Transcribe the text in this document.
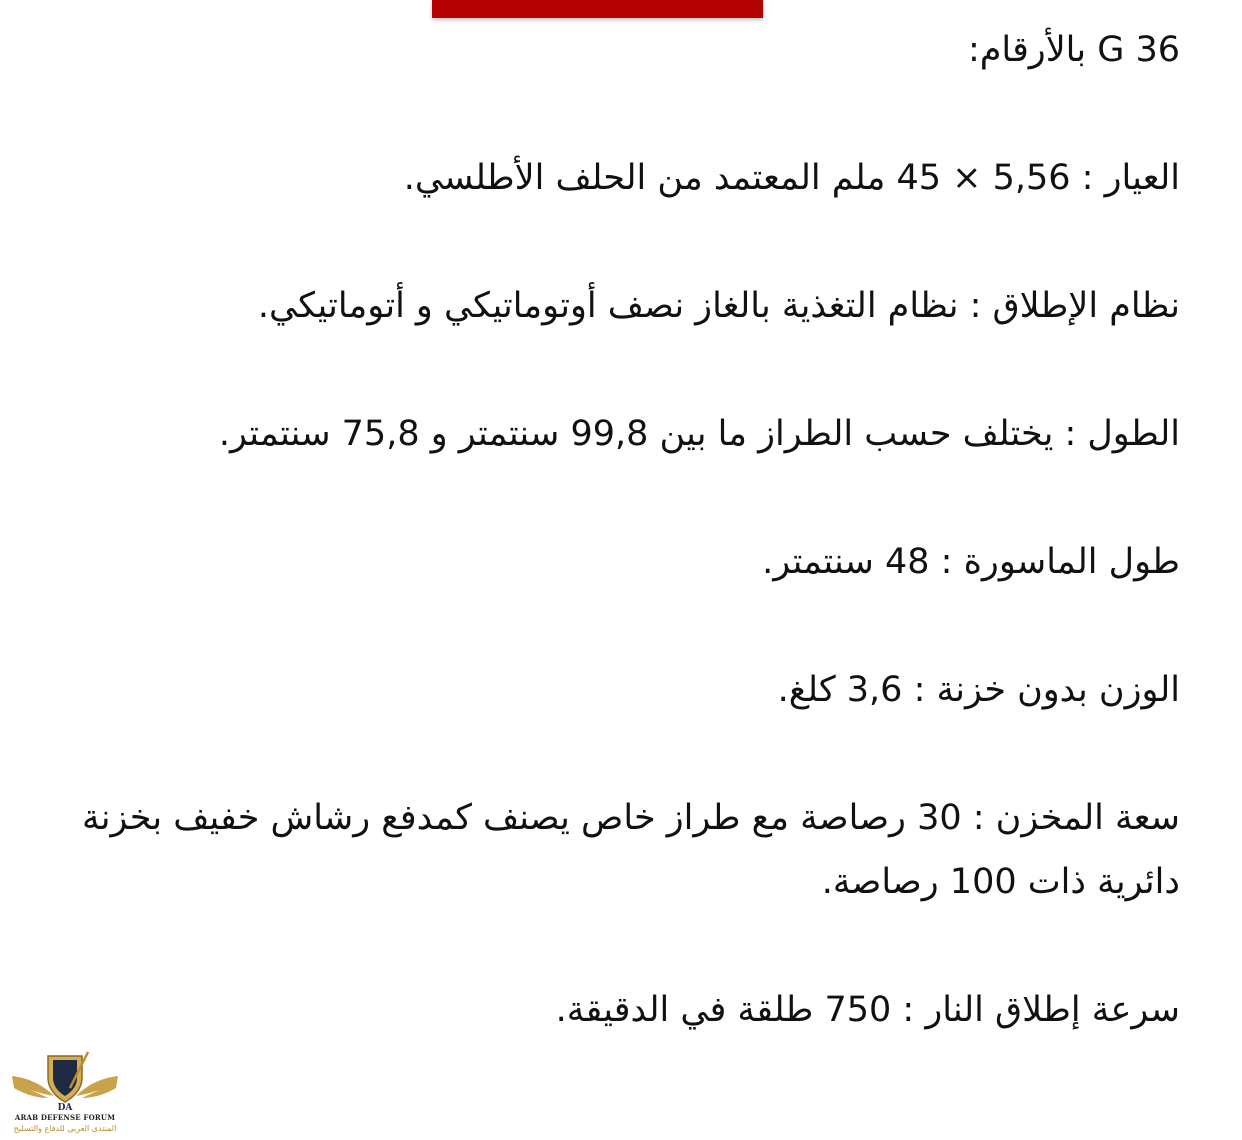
G 36 بالأرقام:

العيار : 5,56 × 45 ملم المعتمد من الحلف الأطلسي.

نظام الإطلاق : نظام التغذية بالغاز نصف أوتوماتيكي و أتوماتيكي.

الطول : يختلف حسب الطراز ما بين 99,8 سنتمتر و 75,8 سنتمتر.

طول الماسورة : 48 سنتمتر.

الوزن بدون خزنة : 3,6 كلغ.

سعة المخزن : 30 رصاصة مع طراز خاص يصنف كمدفع رشاش خفيف بخزنة دائرية ذات 100 رصاصة.

سرعة إطلاق النار : 750 طلقة في الدقيقة.

DA
ARAB DEFENSE FORUM
المنتدى العربي للدفاع والتسليح
